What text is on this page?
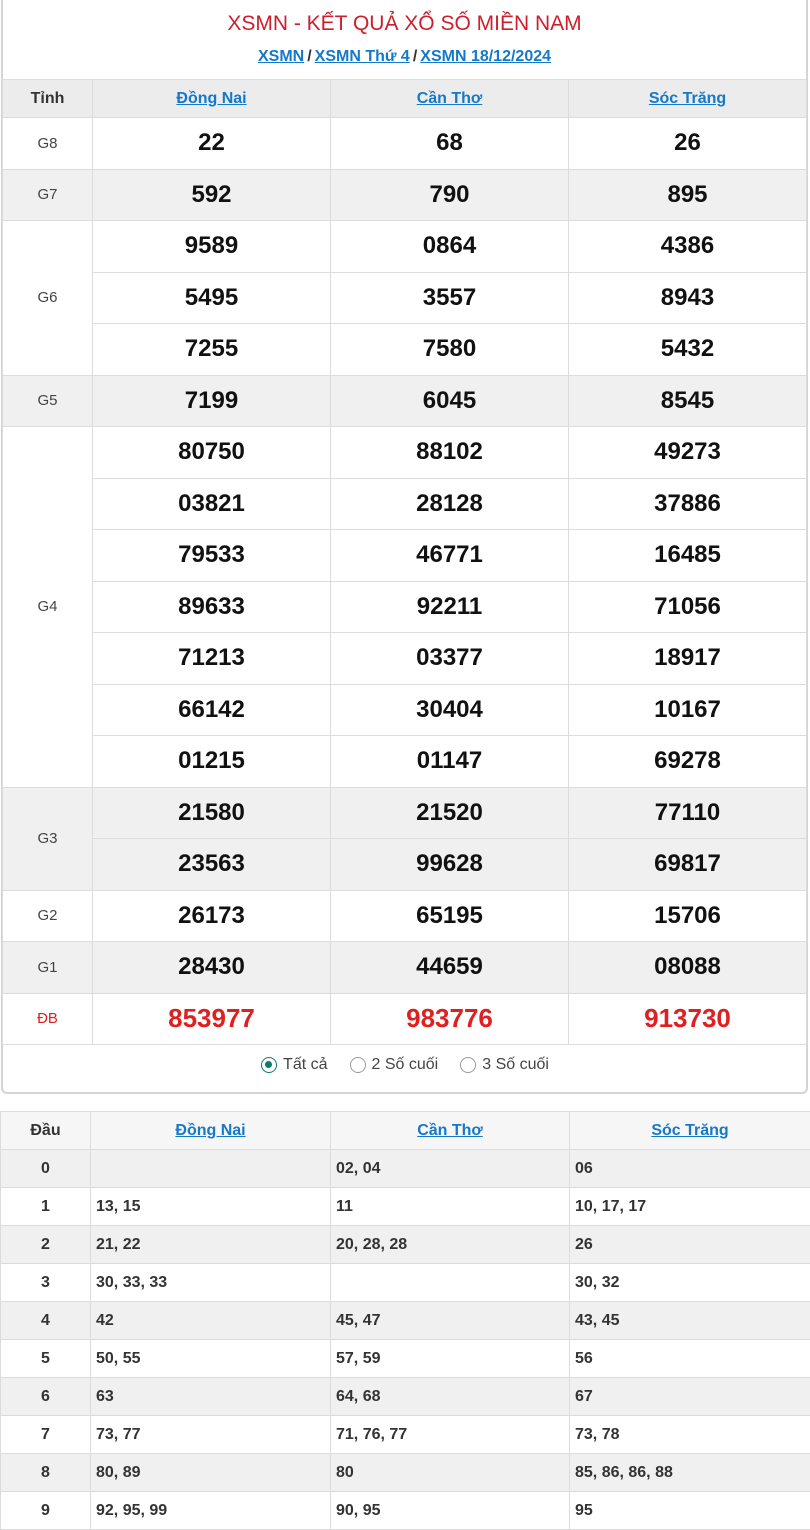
XSMN - KẾT QUẢ XỔ SỐ MIỀN NAM
XSMN / XSMN Thứ 4 / XSMN 18/12/2024
Tỉnh	Đồng Nai	Cần Thơ	Sóc Trăng
G8	22	68	26
G7	592	790	895
G6	9589	0864	4386
	5495	3557	8943
	7255	7580	5432
G5	7199	6045	8545
G4	80750	88102	49273
	03821	28128	37886
	79533	46771	16485
	89633	92211	71056
	71213	03377	18917
	66142	30404	10167
	01215	01147	69278
G3	21580	21520	77110
	23563	99628	69817
G2	26173	65195	15706
G1	28430	44659	08088
ĐB	853977	983776	913730
Tất cả	2 Số cuối	3 Số cuối
Đầu	Đồng Nai	Cần Thơ	Sóc Trăng
0		02, 04	06
1	13, 15	11	10, 17, 17
2	21, 22	20, 28, 28	26
3	30, 33, 33		30, 32
4	42	45, 47	43, 45
5	50, 55	57, 59	56
6	63	64, 68	67
7	73, 77	71, 76, 77	73, 78
8	80, 89	80	85, 86, 86, 88
9	92, 95, 99	90, 95	95
